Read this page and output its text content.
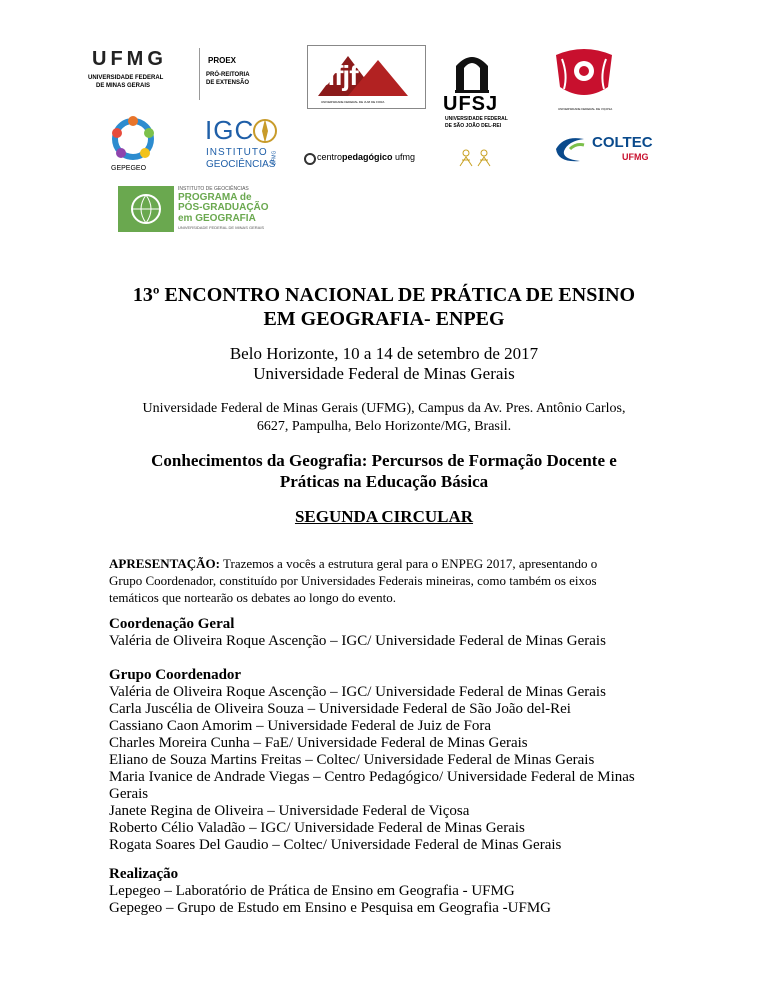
UFMG
UNIVERSIDADE FEDERAL
DE MINAS GERAIS
PROEX
PRÓ-REITORIA
DE EXTENSÃO ufjf
UNIVERSIDADE FEDERAL DE JUIZ DE FORA	UFSJ
UNIVERSIDADE FEDERAL
DE SÃO JOÃO DEL-REI
UNIVERSIDADE FEDERAL DE VIÇOSA
GEPEGEO
IGC
INSTITUTO
GEOCIÊNCIAS
UFMG	centropedagógico ufmg
COLTEC
UFMG
INSTITUTO DE GEOCIÊNCIAS
PROGRAMA de
PÓS-GRADUAÇÃO
em GEOGRAFIA
UNIVERSIDADE FEDERAL DE MINAS GERAIS
13º ENCONTRO NACIONAL DE PRÁTICA DE ENSINO
EM GEOGRAFIA- ENPEG
Belo Horizonte, 10 a 14 de setembro de 2017
Universidade Federal de Minas Gerais
Universidade Federal de Minas Gerais (UFMG), Campus da Av. Pres. Antônio Carlos,
6627, Pampulha, Belo Horizonte/MG, Brasil.
Conhecimentos da Geografia: Percursos de Formação Docente e
Práticas na Educação Básica
SEGUNDA CIRCULAR
APRESENTAÇÃO: Trazemos a vocês a estrutura geral para o ENPEG 2017, apresentando o
Grupo Coordenador, constituído por Universidades Federais mineiras, como também os eixos
temáticos que nortearão os debates ao longo do evento.
Coordenação Geral
Valéria de Oliveira Roque Ascenção – IGC/ Universidade Federal de Minas Gerais
Grupo Coordenador
Valéria de Oliveira Roque Ascenção – IGC/ Universidade Federal de Minas Gerais
Carla Juscélia de Oliveira Souza – Universidade Federal de São João del-Rei
Cassiano Caon Amorim – Universidade Federal de Juiz de Fora
Charles Moreira Cunha – FaE/ Universidade Federal de Minas Gerais
Eliano de Souza Martins Freitas – Coltec/ Universidade Federal de Minas Gerais
Maria Ivanice de Andrade Viegas – Centro Pedagógico/ Universidade Federal de Minas
Gerais
Janete Regina de Oliveira – Universidade Federal de Viçosa
Roberto Célio Valadão – IGC/ Universidade Federal de Minas Gerais
Rogata Soares Del Gaudio – Coltec/ Universidade Federal de Minas Gerais
Realização
Lepegeo – Laboratório de Prática de Ensino em Geografia - UFMG
Gepegeo – Grupo de Estudo em Ensino e Pesquisa em Geografia -UFMG
